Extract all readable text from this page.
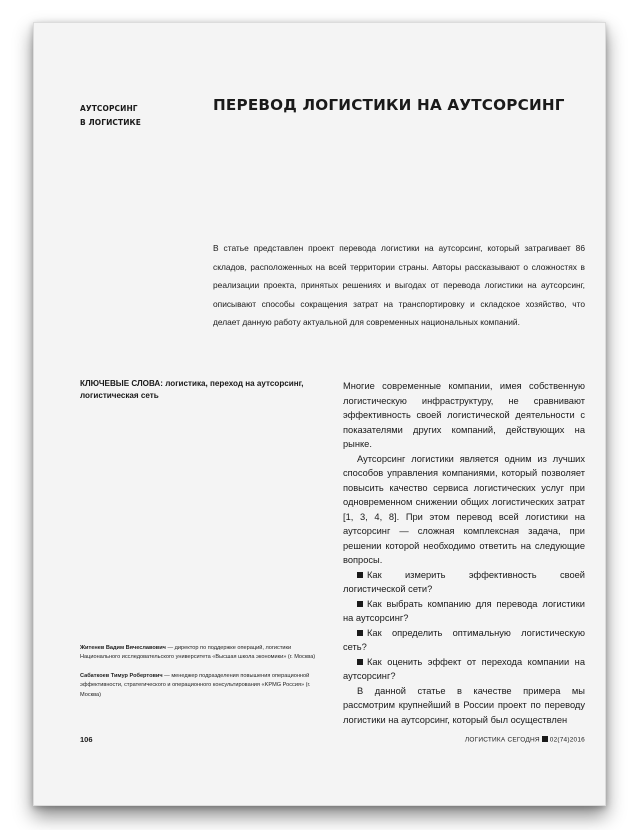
АУТСОРСИНГ
В ЛОГИСТИКЕ
ПЕРЕВОД ЛОГИСТИКИ НА АУТСОРСИНГ
В статье представлен проект перевода логистики на аутсорсинг, который затрагивает 86 складов, расположенных на всей территории страны. Авторы рассказывают о сложностях в реализации проекта, принятых решениях и выгодах от перевода логистики на аутсорсинг, описывают способы сокращения затрат на транспортировку и складское хозяйство, что делает данную работу актуальной для современных национальных компаний.
КЛЮЧЕВЫЕ СЛОВА: логистика, переход на аутсорсинг, логистическая сеть

Житенев Вадим Вячеславович — директор по поддержке операций, логистики Национального исследовательского университета «Высшая школа экономики» (г. Москва)

Сабаткоев Тимур Робертович — менеджер подразделения повышения операционной эффективности, стратегического и операционного консультирования «KPMG Россия» (г. Москва)

Многие современные компании, имея собственную логистическую инфраструктуру, не сравнивают эффективность своей логистической деятельности с показателями других компаний, действующих на рынке.

Аутсорсинг логистики является одним из лучших способов управления компаниями, который позволяет повысить качество сервиса логистических услуг при одновременном снижении общих логистических затрат [1, 3, 4, 8]. При этом перевод всей логистики на аутсорсинг — сложная комплексная задача, при решении которой необходимо ответить на следующие вопросы.

Как измерить эффективность своей логистической сети?

Как выбрать компанию для перевода логистики на аутсорсинг?

Как определить оптимальную логистическую сеть?

Как оценить эффект от перехода компании на аутсорсинг?

В данной статье в качестве примера мы рассмотрим крупнейший в России проект по переводу логистики на аутсорсинг, который был осуществлен

106	ЛОГИСТИКА СЕГОДНЯ 02(74)2016
